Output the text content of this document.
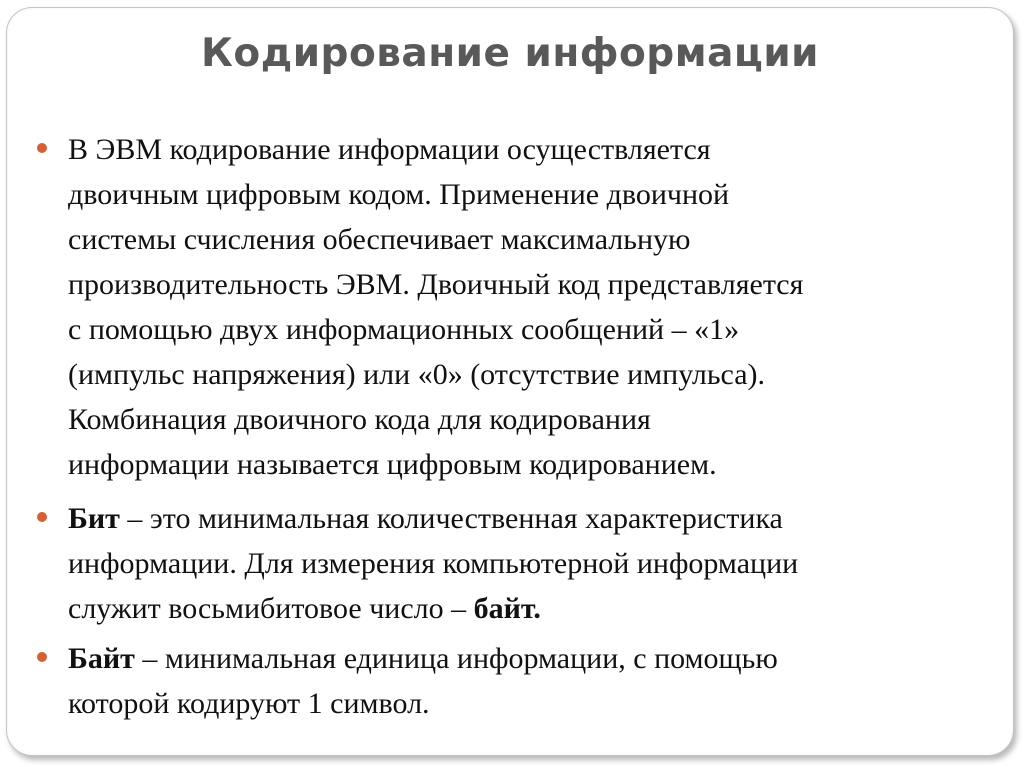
Кодирование информации
В ЭВМ кодирование информации осуществляется
двоичным цифровым кодом. Применение двоичной
системы счисления обеспечивает максимальную
производительность ЭВМ. Двоичный код представляется
с помощью двух информационных сообщений – «1»
(импульс напряжения) или «0» (отсутствие импульса).
Комбинация двоичного кода для кодирования
информации называется цифровым кодированием.
Бит – это минимальная количественная характеристика
информации. Для измерения компьютерной информации
служит восьмибитовое число – байт.
Байт – минимальная единица информации, с помощью
которой кодируют 1 символ.
